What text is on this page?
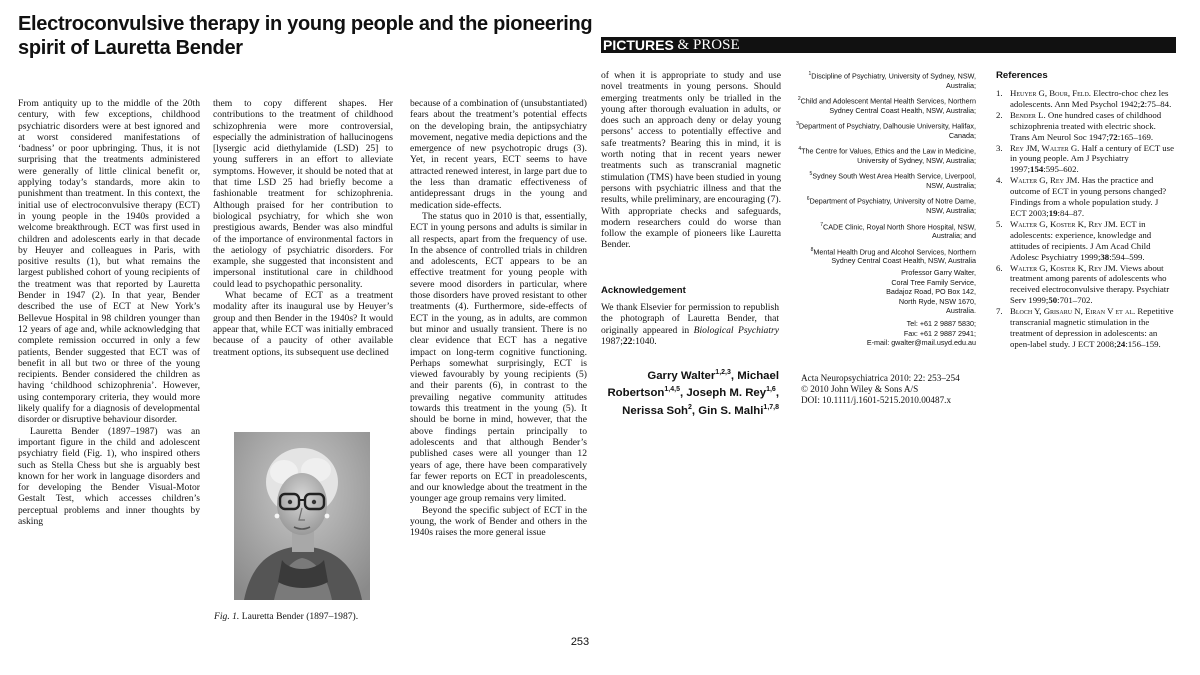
Electroconvulsive therapy in young people and the pioneering spirit of Lauretta Bender	PICTURES & PROSE

From antiquity up to the middle of the 20th century, with few exceptions, childhood psychiatric disorders were at best ignored and at worst considered manifestations of ‘badness’ or poor upbringing. Thus, it is not surprising that the treatments administered were generally of little clinical benefit or, applying today’s standards, more akin to punishment than treatment. In this context, the initial use of electroconvulsive therapy (ECT) in young people in the 1940s provided a welcome breakthrough. ECT was first used in children and adolescents early in that decade by Heuyer and colleagues in Paris, with positive results (1), but what remains the largest published cohort of young recipients of the treatment was that reported by Lauretta Bender in 1947 (2). In that year, Bender described the use of ECT at New York’s Bellevue Hospital in 98 children younger than 12 years of age and, while acknowledging that complete remission occurred in only a few patients, Bender suggested that ECT was of benefit in all but two or three of the young recipients. Bender considered the children as having ‘childhood schizophrenia’. However, using contemporary criteria, they would more likely qualify for a diagnosis of developmental disorder or disruptive behaviour disorder.

Lauretta Bender (1897–1987) was an important figure in the child and adolescent psychiatry field (Fig. 1), who inspired others such as Stella Chess but she is arguably best known for her work in language disorders and for developing the Bender Visual-Motor Gestalt Test, which accesses children’s perceptual problems and inner thoughts by asking

them to copy different shapes. Her contributions to the treatment of childhood schizophrenia were more controversial, especially the administration of hallucinogens [lysergic acid diethylamide (LSD) 25] to young sufferers in an effort to alleviate symptoms. However, it should be noted that at that time LSD 25 had briefly become a fashionable treatment for schizophrenia. Although praised for her contribution to biological psychiatry, for which she won prestigious awards, Bender was also mindful of the importance of environmental factors in the aetiology of psychiatric disorders. For example, she suggested that inconsistent and impersonal institutional care in childhood could lead to psychopathic personality.

What became of ECT as a treatment modality after its inaugural use by Heuyer’s group and then Bender in the 1940s? It would appear that, while ECT was initially embraced because of a paucity of other available treatment options, its subsequent use declined

Fig. 1. Lauretta Bender (1897–1987).

because of a combination of (unsubstantiated) fears about the treatment’s potential effects on the developing brain, the antipsychiatry movement, negative media depictions and the emergence of new psychotropic drugs (3). Yet, in recent years, ECT seems to have attracted renewed interest, in large part due to the less than dramatic effectiveness of antidepressant drugs in the young and medication side-effects.

The status quo in 2010 is that, essentially, ECT in young persons and adults is similar in all respects, apart from the frequency of use. In the absence of controlled trials in children and adolescents, ECT appears to be an effective treatment for young people with severe mood disorders in particular, where those disorders have proved resistant to other treatments (4). Furthermore, side-effects of ECT in the young, as in adults, are common but minor and usually transient. There is no clear evidence that ECT has a negative impact on long-term cognitive functioning. Perhaps somewhat surprisingly, ECT is viewed favourably by young recipients (5) and their parents (6), in contrast to the prevailing negative community attitudes towards this treatment in the young (5). It should be borne in mind, however, that the above findings pertain principally to adolescents and that although Bender’s published cases were all younger than 12 years of age, there have been comparatively far fewer reports on ECT in preadolescents, and our knowledge about the treatment in the younger age group remains very limited.

Beyond the specific subject of ECT in the young, the work of Bender and others in the 1940s raises the more general issue

253

of when it is appropriate to study and use novel treatments in young persons. Should emerging treatments only be trialled in the young after thorough evaluation in adults, or does such an approach deny or delay young persons’ access to potentially effective and safe treatments? Bearing this in mind, it is worth noting that in recent years newer treatments such as transcranial magnetic stimulation (TMS) have been studied in young persons with psychiatric illness and that the results, while preliminary, are encouraging (7). With appropriate checks and safeguards, modern researchers could do worse than follow the example of pioneers like Lauretta Bender.

Acknowledgement
We thank Elsevier for permission to republish the photograph of Lauretta Bender, that originally appeared in Biological Psychiatry 1987;22:1040.
Garry Walter$^{1,2,3}$, Michael Robertson$^{1,4,5}$, Joseph M. Rey$^{1,6}$, Nerissa Soh$^2$, Gin S. Malhi$^{1,7,8}$
$^1$Discipline of Psychiatry, University of Sydney, NSW, Australia;
$^2$Child and Adolescent Mental Health Services, Northern Sydney Central Coast Health, NSW, Australia;
$^3$Department of Psychiatry, Dalhousie University, Halifax, Canada;
$^4$The Centre for Values, Ethics and the Law in Medicine, University of Sydney, NSW, Australia;
$^5$Sydney South West Area Health Service, Liverpool, NSW, Australia;
$^6$Department of Psychiatry, University of Notre Dame, NSW, Australia;
$^7$CADE Clinic, Royal North Shore Hospital, NSW, Australia; and
$^8$Mental Health Drug and Alcohol Services, Northern Sydney Central Coast Health, NSW, Australia
Professor Garry Walter,
Coral Tree Family Service,
Badajoz Road, PO Box 142,
North Ryde, NSW 1670,
Australia.
Tel: +61 2 9887 5830;
Fax: +61 2 9887 2941;
E-mail: gwalter@mail.usyd.edu.au
Acta Neuropsychiatrica 2010: 22: 253–254
© 2010 John Wiley & Sons A/S
DOI: 10.1111/j.1601-5215.2010.00487.x
References
1. Heuyer G, Bour, Feld. Electro-choc chez les adolescents. Ann Med Psychol 1942;2:75–84.
2. Bender L. One hundred cases of childhood schizophrenia treated with electric shock. Trans Am Neurol Soc 1947;72:165–169.
3. Rey JM, Walter G. Half a century of ECT use in young people. Am J Psychiatry 1997;154:595–602.
4. Walter G, Rey JM. Has the practice and outcome of ECT in young persons changed? Findings from a whole population study. J ECT 2003;19:84–87.
5. Walter G, Koster K, Rey JM. ECT in adolescents: experience, knowledge and attitudes of recipients. J Am Acad Child Adolesc Psychiatry 1999;38:594–599.
6. Walter G, Koster K, Rey JM. Views about treatment among parents of adolescents who received electroconvulsive therapy. Psychiatr Serv 1999;50:701–702.
7. Bloch Y, Grisaru N, Eiran V et al. Repetitive transcranial magnetic stimulation in the treatment of depression in adolescents: an open-label study. J ECT 2008;24:156–159.
